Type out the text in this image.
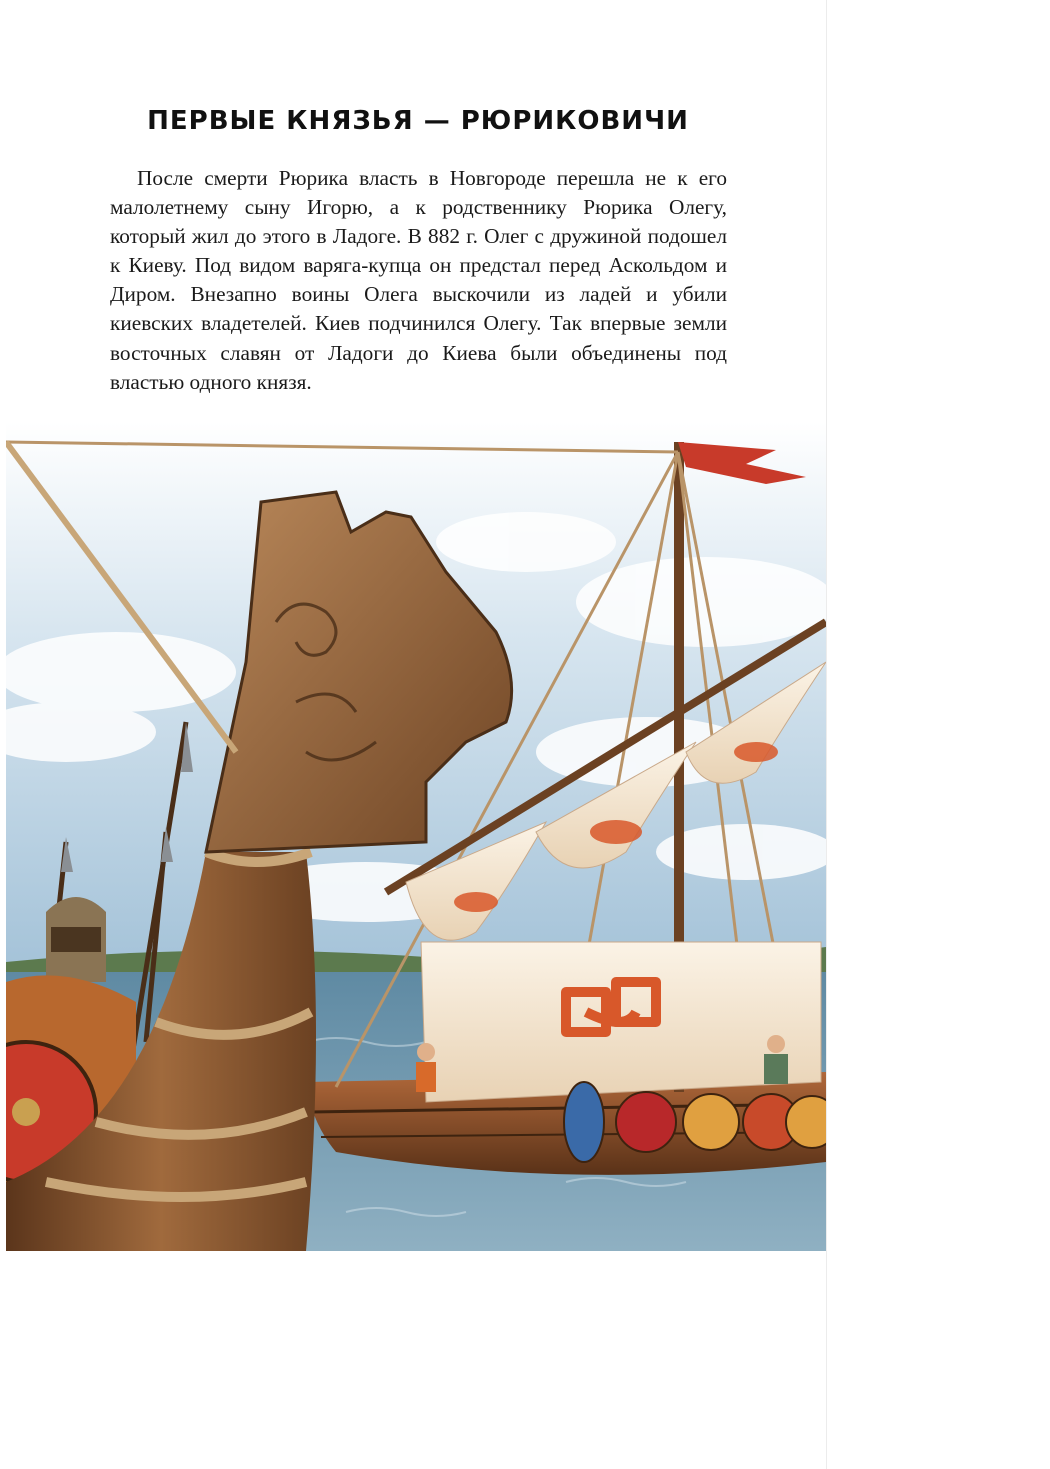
ПЕРВЫЕ КНЯЗЬЯ — РЮРИКОВИЧИ

После смерти Рюрика власть в Новгороде перешла не к его малолетнему сыну Игорю, а к родственнику Рюрика Олегу, который жил до этого в Ладоге. В 882 г. Олег с дружиной подошел к Киеву. Под видом варяга-купца он предстал перед Аскольдом и Диром. Внезапно воины Олега выскочили из ладей и убили киевских владетелей. Киев подчинился Олегу. Так впервые земли восточных славян от Ладоги до Киева были объединены под властью одного князя.
